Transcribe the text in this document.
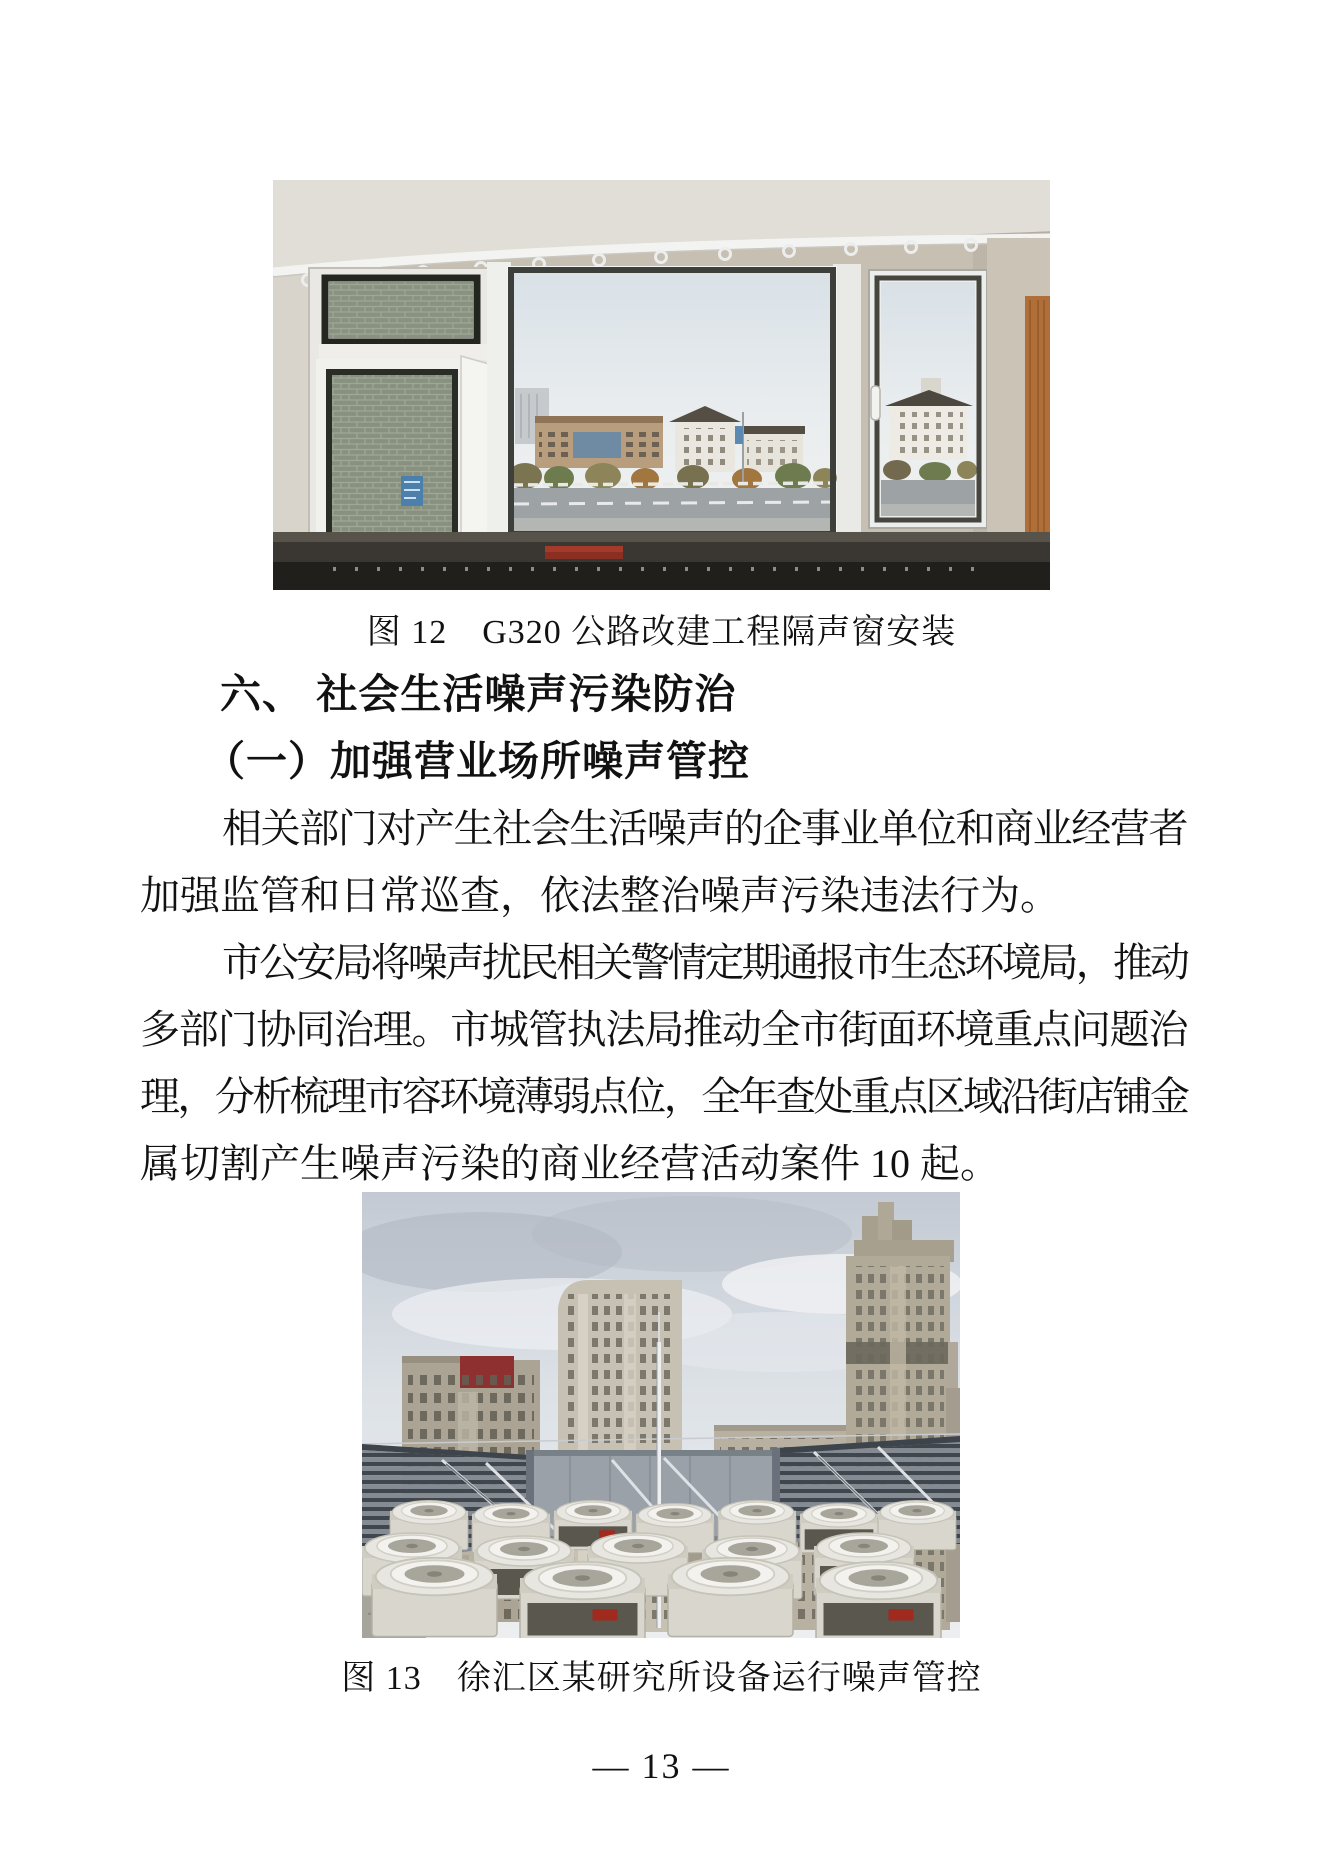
图 12　G320 公路改建工程隔声窗安装
六、 社会生活噪声污染防治
（一）加强营业场所噪声管控
相关部门对产生社会生活噪声的企事业单位和商业经营者
加强监管和日常巡查，依法整治噪声污染违法行为。
市公安局将噪声扰民相关警情定期通报市生态环境局，推动
多部门协同治理。市城管执法局推动全市街面环境重点问题治
理，分析梳理市容环境薄弱点位，全年查处重点区域沿街店铺金
属切割产生噪声污染的商业经营活动案件 10 起。
图 13　徐汇区某研究所设备运行噪声管控
— 13 —
